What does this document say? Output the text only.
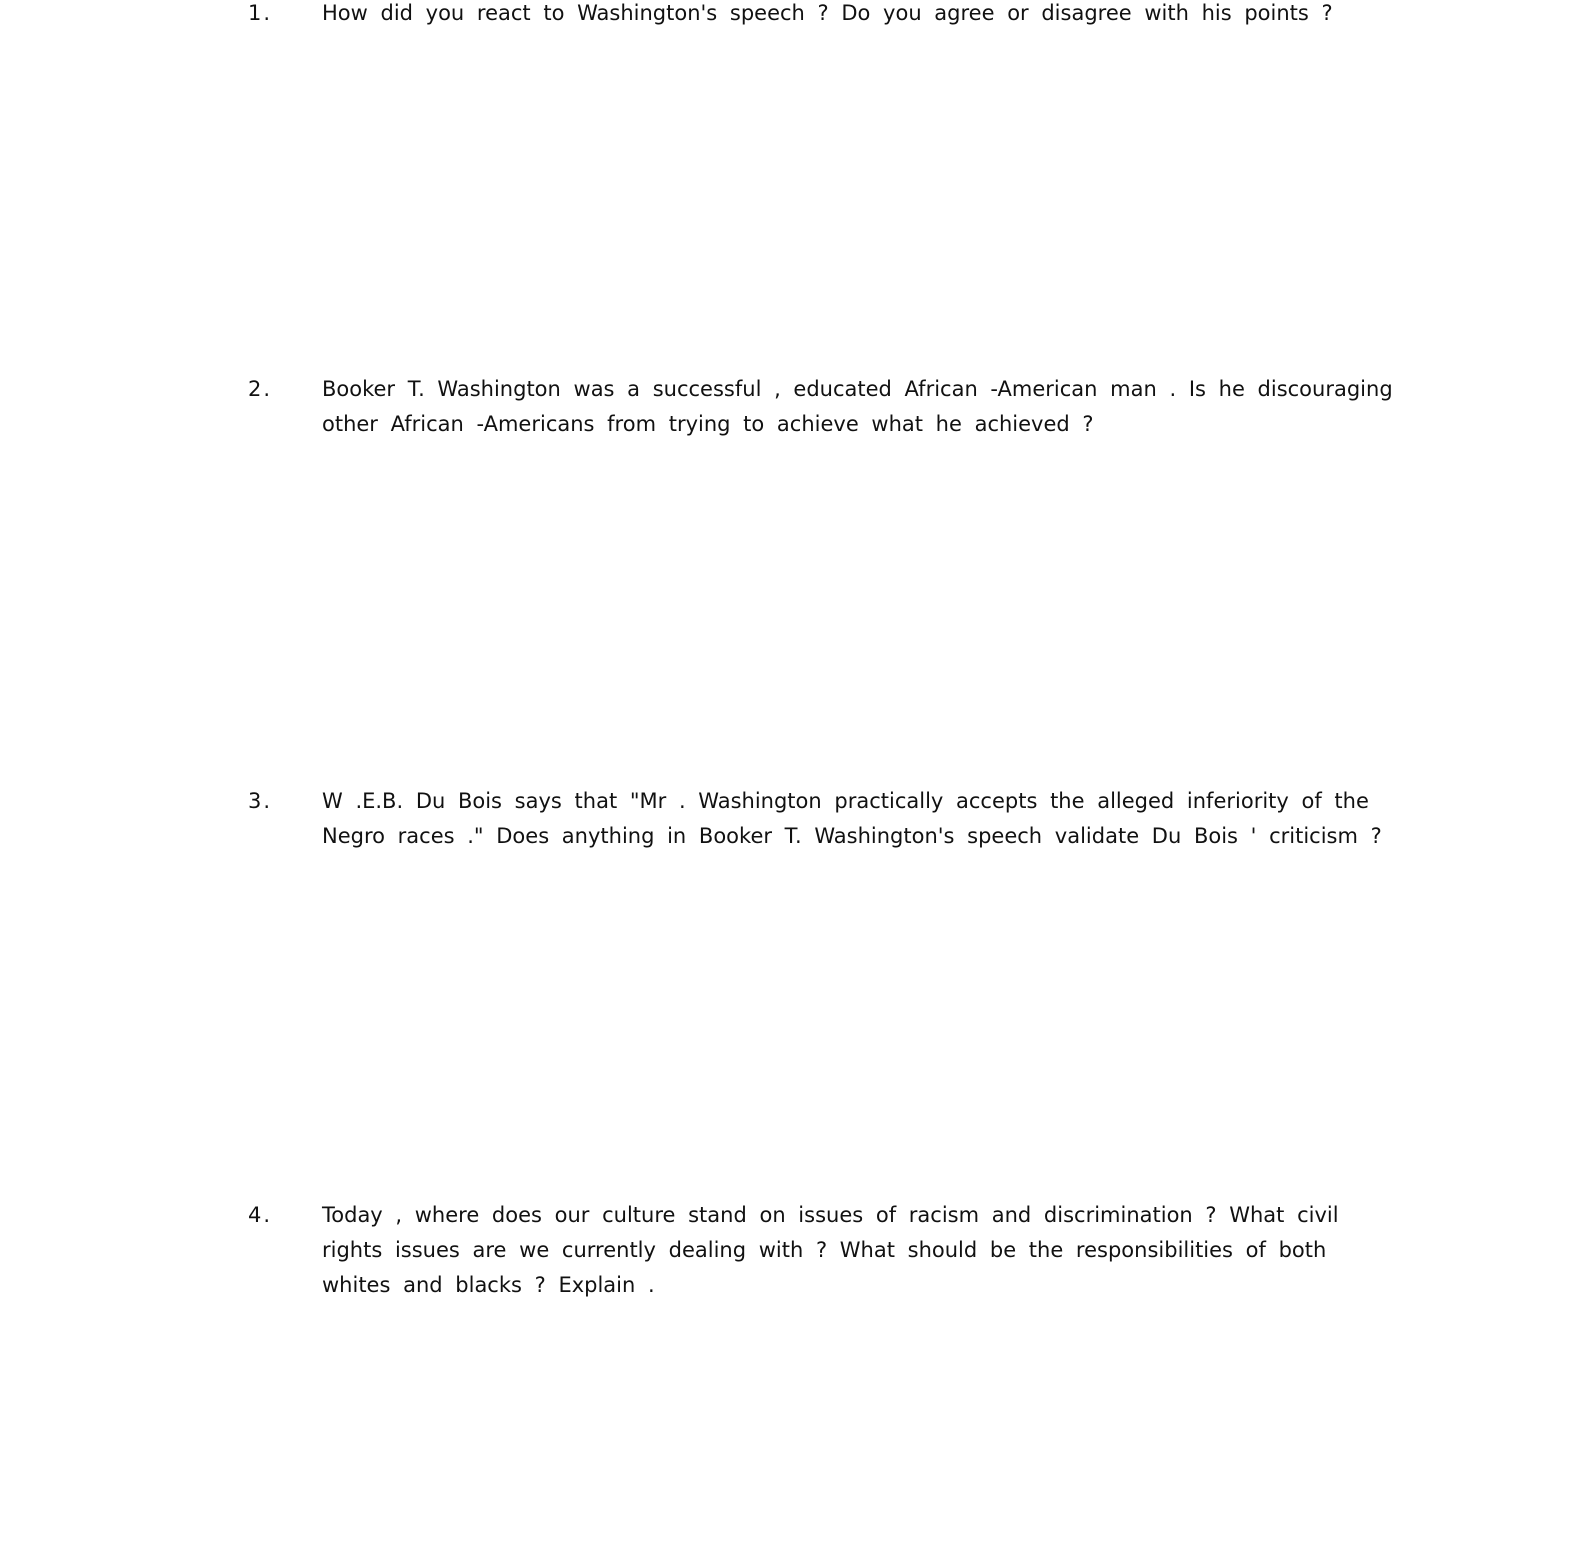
1. How did you react to Washington's speech ? Do you agree or disagree with his points ?

2. Booker T. Washington was a successful , educated African -American man . Is he discouraging
other African -Americans from trying to achieve what he achieved ?

3. W .E.B. Du Bois says that "Mr . Washington practically accepts the alleged inferiority of the
Negro races ." Does anything in Booker T. Washington's speech validate Du Bois ' criticism ?

4. Today , where does our culture stand on issues of racism and discrimination ? What civil
rights issues are we currently dealing with ? What should be the responsibilities of both
whites and blacks ? Explain .
